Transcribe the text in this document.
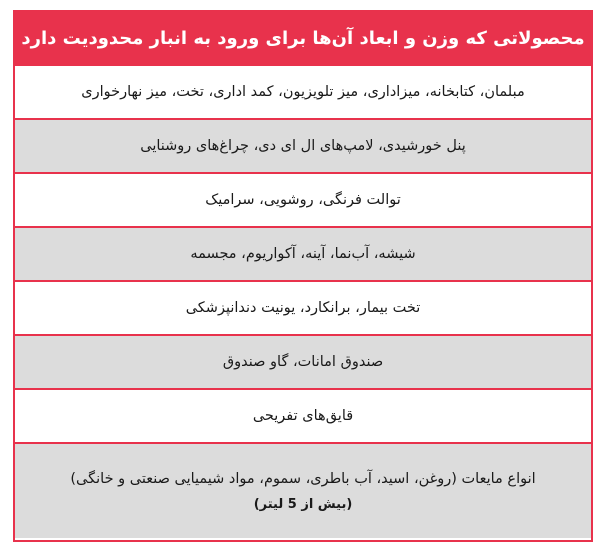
محصولاتی که وزن و ابعاد آن‌ها برای ورود به انبار محدودیت دارد
مبلمان، کتابخانه، میزاداری، میز تلویزیون، کمد اداری، تخت، میز نهارخواری
پنل خورشیدی، لامپ‌های ال ای دی، چراغ‌های روشنایی
توالت فرنگی، روشویی، سرامیک
شیشه، آب‌نما، آینه، آکواریوم، مجسمه
تخت بیمار، برانکارد، یونیت دندانپزشکی
صندوق امانات، گاو صندوق
قایق‌های تفریحی
انواع مایعات (روغن، اسید، آب باطری، سموم، مواد شیمیایی صنعتی و خانگی)
(بیش از 5 لیتر)
